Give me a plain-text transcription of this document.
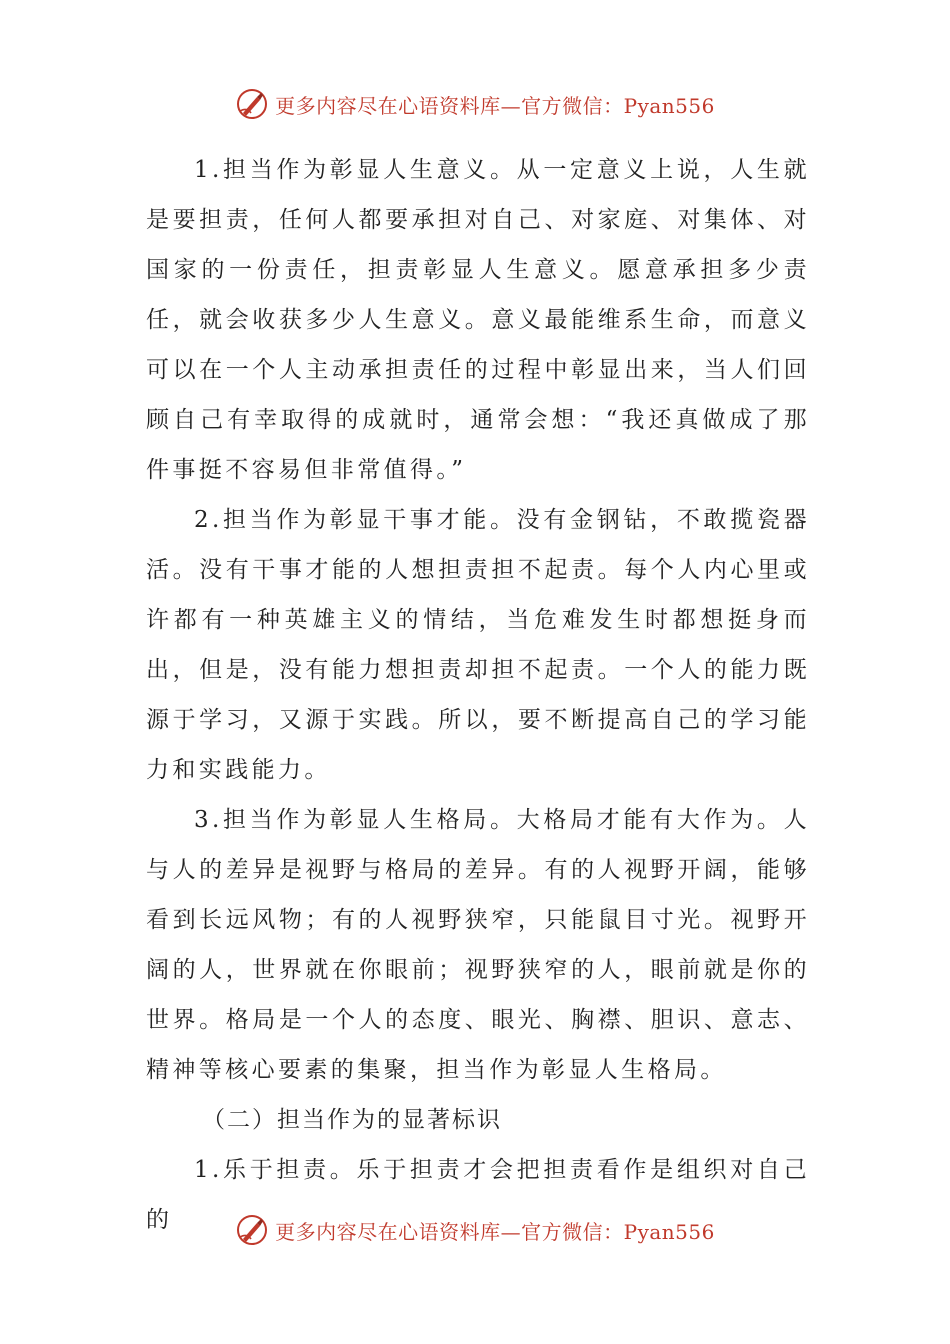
更多内容尽在心语资料库—官方微信：Pyan556

1.担当作为彰显人生意义。从一定意义上说，人生就是要担责，任何人都要承担对自己、对家庭、对集体、对国家的一份责任，担责彰显人生意义。愿意承担多少责任，就会收获多少人生意义。意义最能维系生命，而意义可以在一个人主动承担责任的过程中彰显出来，当人们回顾自己有幸取得的成就时，通常会想：“我还真做成了那件事挺不容易但非常值得。”

2.担当作为彰显干事才能。没有金钢钻，不敢揽瓷器活。没有干事才能的人想担责担不起责。每个人内心里或许都有一种英雄主义的情结，当危难发生时都想挺身而出，但是，没有能力想担责却担不起责。一个人的能力既源于学习，又源于实践。所以，要不断提高自己的学习能力和实践能力。

3.担当作为彰显人生格局。大格局才能有大作为。人与人的差异是视野与格局的差异。有的人视野开阔，能够看到长远风物；有的人视野狭窄，只能鼠目寸光。视野开阔的人，世界就在你眼前；视野狭窄的人，眼前就是你的世界。格局是一个人的态度、眼光、胸襟、胆识、意志、精神等核心要素的集聚，担当作为彰显人生格局。

（二）担当作为的显著标识

1.乐于担责。乐于担责才会把担责看作是组织对自己的	更多内容尽在心语资料库—官方微信：Pyan556
